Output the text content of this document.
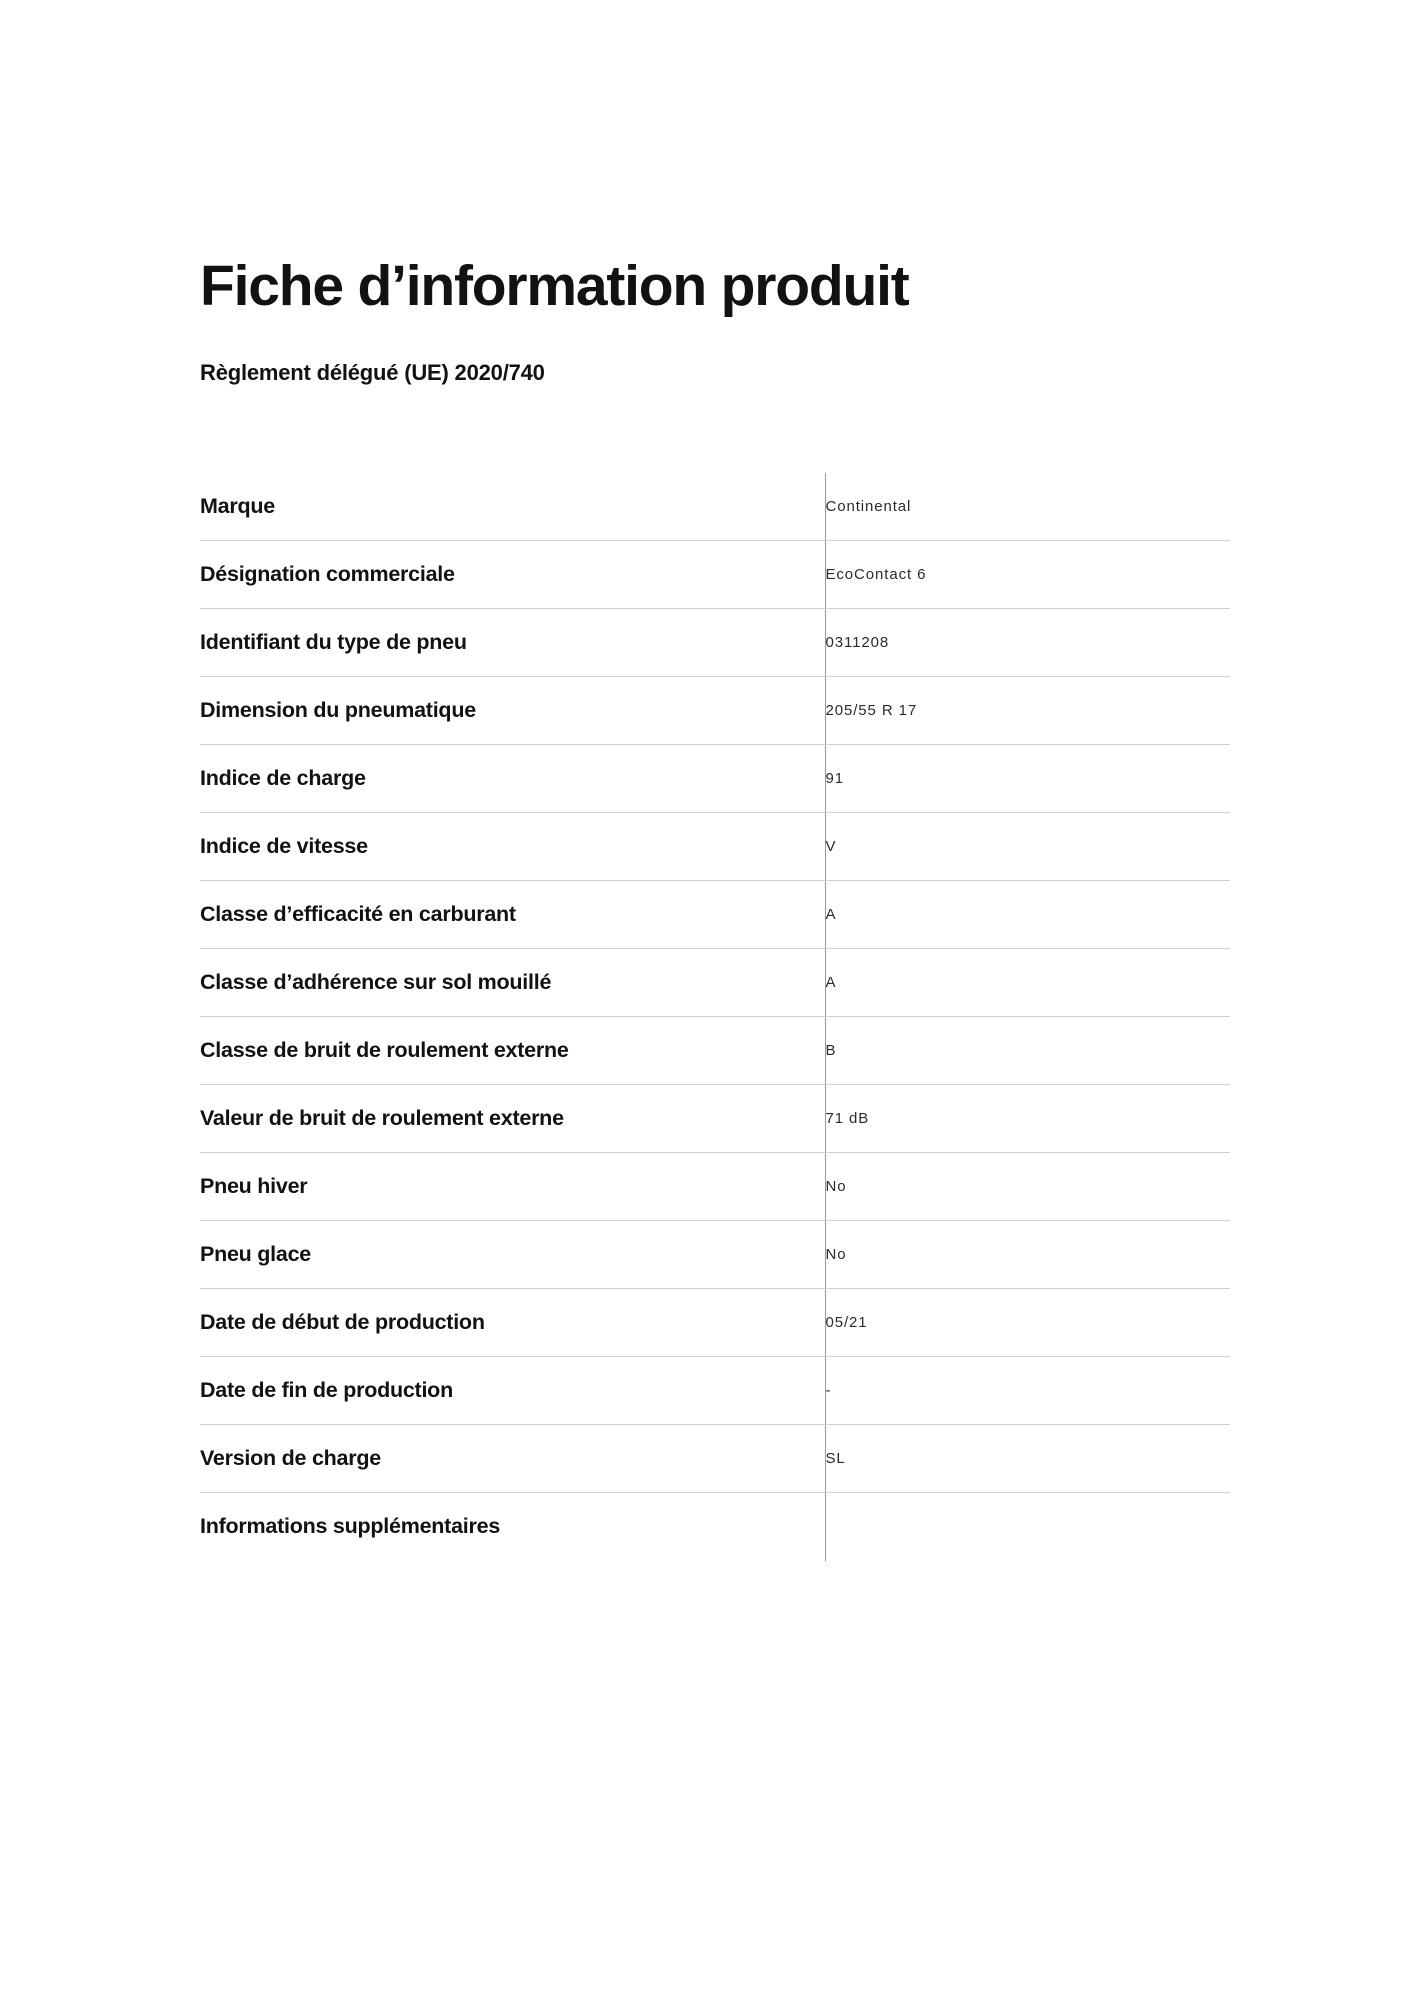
Fiche d’information produit
Règlement délégué (UE) 2020/740
Marque	Continental
Désignation commerciale	EcoContact 6
Identifiant du type de pneu	0311208
Dimension du pneumatique	205/55 R 17
Indice de charge	91
Indice de vitesse	V
Classe d’efficacité en carburant	A
Classe d’adhérence sur sol mouillé	A
Classe de bruit de roulement externe	B
Valeur de bruit de roulement externe	71 dB
Pneu hiver	No
Pneu glace	No
Date de début de production	05/21
Date de fin de production	-
Version de charge	SL
Informations supplémentaires	
